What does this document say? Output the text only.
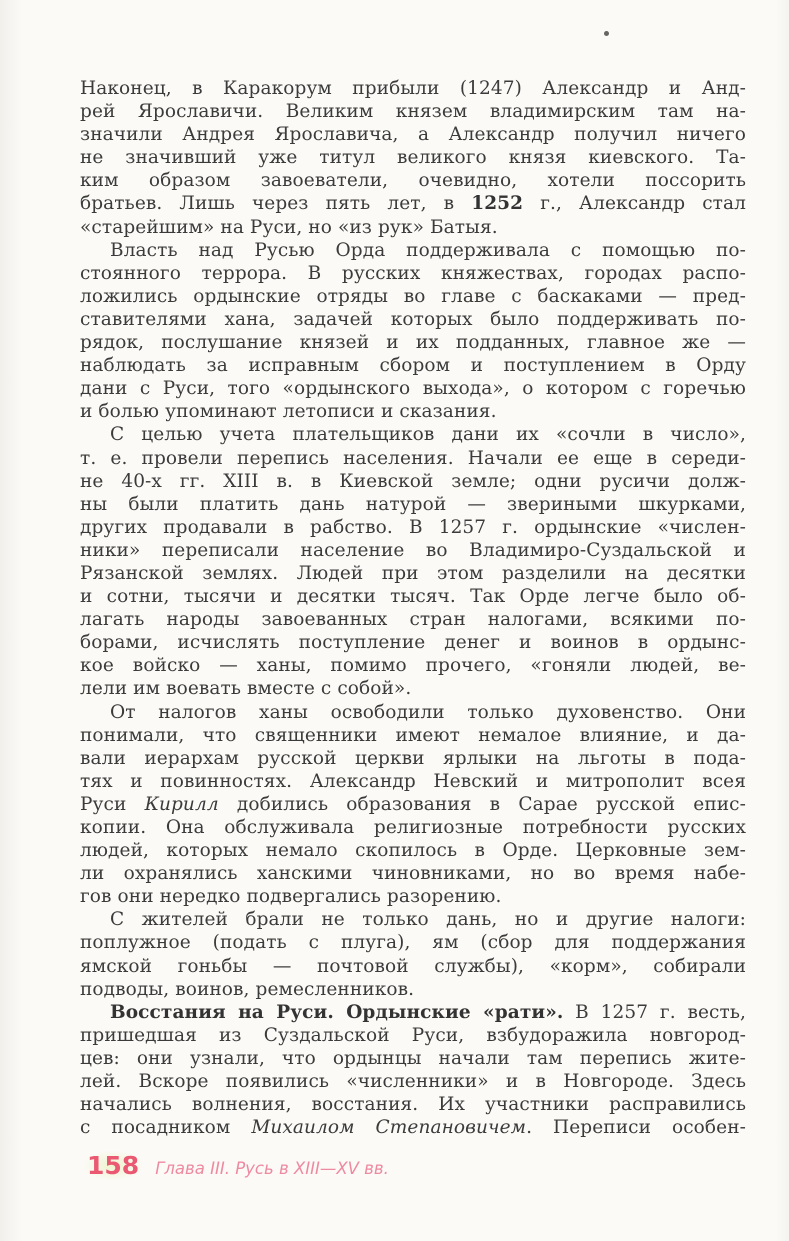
Наконец, в Каракорум прибыли (1247) Александр и Анд-
рей Ярославичи. Великим князем владимирским там на-
значили Андрея Ярославича, а Александр получил ничего
не значивший уже титул великого князя киевского. Та-
ким образом завоеватели, очевидно, хотели поссорить
братьев. Лишь через пять лет, в 1252 г., Александр стал
«старейшим» на Руси, но «из рук» Батыя.
Власть над Русью Орда поддерживала с помощью по-
стоянного террора. В русских княжествах, городах распо-
ложились ордынские отряды во главе с баскаками — пред-
ставителями хана, задачей которых было поддерживать по-
рядок, послушание князей и их подданных, главное же —
наблюдать за исправным сбором и поступлением в Орду
дани с Руси, того «ордынского выхода», о котором с горечью
и болью упоминают летописи и сказания.
С целью учета плательщиков дани их «сочли в число»,
т. е. провели перепись населения. Начали ее еще в середи-
не 40-х гг. XIII в. в Киевской земле; одни русичи долж-
ны были платить дань натурой — звериными шкурками,
других продавали в рабство. В 1257 г. ордынские «числен-
ники» переписали население во Владимиро-Суздальской и
Рязанской землях. Людей при этом разделили на десятки
и сотни, тысячи и десятки тысяч. Так Орде легче было об-
лагать народы завоеванных стран налогами, всякими по-
борами, исчислять поступление денег и воинов в ордынс-
кое войско — ханы, помимо прочего, «гоняли людей, ве-
лели им воевать вместе с собой».
От налогов ханы освободили только духовенство. Они
понимали, что священники имеют немалое влияние, и да-
вали иерархам русской церкви ярлыки на льготы в пода-
тях и повинностях. Александр Невский и митрополит всея
Руси Кирилл добились образования в Сарае русской епис-
копии. Она обслуживала религиозные потребности русских
людей, которых немало скопилось в Орде. Церковные зем-
ли охранялись ханскими чиновниками, но во время набе-
гов они нередко подвергались разорению.
С жителей брали не только дань, но и другие налоги:
поплужное (подать с плуга), ям (сбор для поддержания
ямской гоньбы — почтовой службы), «корм», собирали
подводы, воинов, ремесленников.
Восстания на Руси. Ордынские «рати». В 1257 г. весть,
пришедшая из Суздальской Руси, взбудоражила новгород-
цев: они узнали, что ордынцы начали там перепись жите-
лей. Вскоре появились «численники» и в Новгороде. Здесь
начались волнения, восстания. Их участники расправились
с посадником Михаилом Степановичем. Переписи особен-
158 Глава III. Русь в XIII—XV вв.
